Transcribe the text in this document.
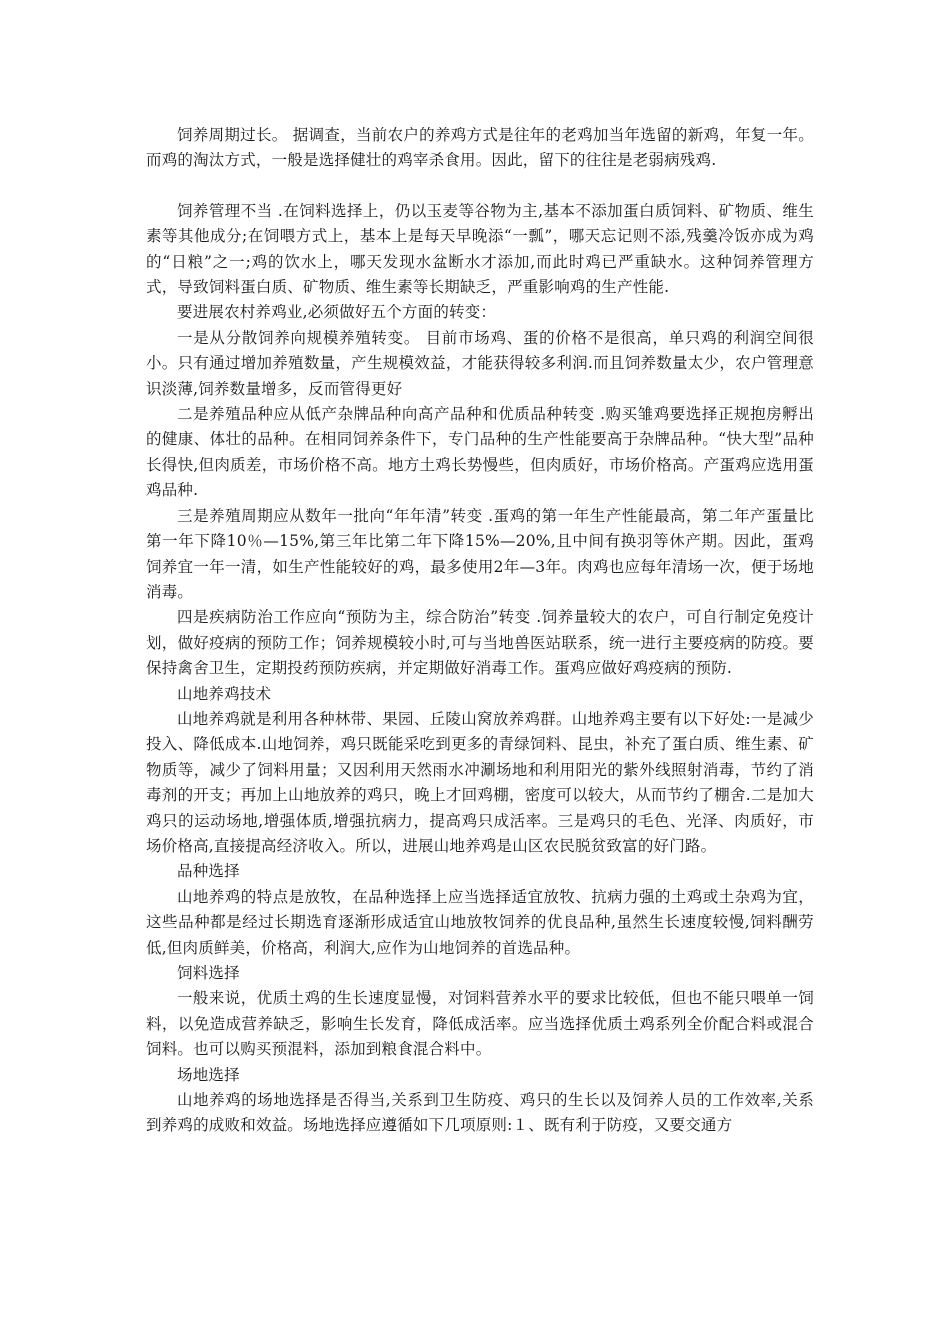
饲养周期过长。 据调查，当前农户的养鸡方式是往年的老鸡加当年选留的新鸡，年复一年。而鸡的淘汰方式，一般是选择健壮的鸡宰杀食用。因此，留下的往往是老弱病残鸡.

饲养管理不当 .在饲料选择上，仍以玉麦等谷物为主,基本不添加蛋白质饲料、矿物质、维生素等其他成分;在饲喂方式上，基本上是每天早晚添“一瓢”，哪天忘记则不添,残羹冷饭亦成为鸡的“日粮”之一;鸡的饮水上，哪天发现水盆断水才添加,而此时鸡已严重缺水。这种饲养管理方式，导致饲料蛋白质、矿物质、维生素等长期缺乏，严重影响鸡的生产性能.

要进展农村养鸡业,必须做好五个方面的转变：

一是从分散饲养向规模养殖转变。 目前市场鸡、蛋的价格不是很高，单只鸡的利润空间很小。只有通过增加养殖数量，产生规模效益，才能获得较多利润.而且饲养数量太少，农户管理意识淡薄,饲养数量增多，反而管得更好

二是养殖品种应从低产杂牌品种向高产品种和优质品种转变 .购买雏鸡要选择正规抱房孵出的健康、体壮的品种。在相同饲养条件下，专门品种的生产性能要高于杂牌品种。“快大型”品种长得快,但肉质差，市场价格不高。地方土鸡长势慢些，但肉质好，市场价格高。产蛋鸡应选用蛋鸡品种.

三是养殖周期应从数年一批向“年年清”转变 .蛋鸡的第一年生产性能最高，第二年产蛋量比第一年下降10％—15%,第三年比第二年下降15%—20%,且中间有换羽等休产期。因此，蛋鸡饲养宜一年一清，如生产性能较好的鸡，最多使用2年—3年。肉鸡也应每年清场一次，便于场地消毒。

四是疾病防治工作应向“预防为主，综合防治”转变 .饲养量较大的农户，可自行制定免疫计划，做好疫病的预防工作；饲养规模较小时,可与当地兽医站联系，统一进行主要疫病的防疫。要保持禽舍卫生，定期投药预防疾病，并定期做好消毒工作。蛋鸡应做好鸡疫病的预防.

山地养鸡技术

山地养鸡就是利用各种林带、果园、丘陵山窝放养鸡群。山地养鸡主要有以下好处:一是减少投入、降低成本.山地饲养，鸡只既能采吃到更多的青绿饲料、昆虫，补充了蛋白质、维生素、矿物质等，减少了饲料用量；又因利用天然雨水冲涮场地和利用阳光的紫外线照射消毒，节约了消毒剂的开支；再加上山地放养的鸡只，晚上才回鸡棚，密度可以较大，从而节约了棚舍.二是加大鸡只的运动场地,增强体质,增强抗病力，提高鸡只成活率。三是鸡只的毛色、光泽、肉质好，市场价格高,直接提高经济收入。所以，进展山地养鸡是山区农民脱贫致富的好门路。

品种选择

山地养鸡的特点是放牧，在品种选择上应当选择适宜放牧、抗病力强的土鸡或土杂鸡为宜，这些品种都是经过长期选育逐渐形成适宜山地放牧饲养的优良品种,虽然生长速度较慢,饲料酬劳低,但肉质鲜美，价格高，利润大,应作为山地饲养的首选品种。

饲料选择

一般来说，优质土鸡的生长速度显慢，对饲料营养水平的要求比较低，但也不能只喂单一饲料，以免造成营养缺乏，影响生长发育，降低成活率。应当选择优质土鸡系列全价配合料或混合饲料。也可以购买预混料，添加到粮食混合料中。

场地选择

山地养鸡的场地选择是否得当,关系到卫生防疫、鸡只的生长以及饲养人员的工作效率,关系到养鸡的成败和效益。场地选择应遵循如下几项原则:１、既有利于防疫，又要交通方
